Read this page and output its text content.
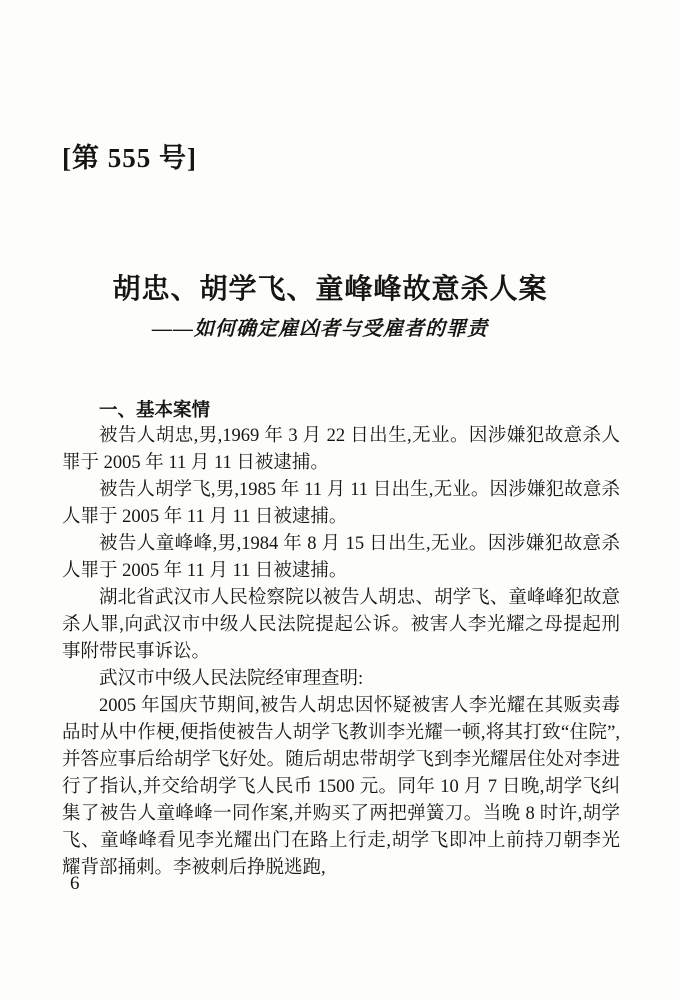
[第 555 号]
胡忠、胡学飞、童峰峰故意杀人案
——如何确定雇凶者与受雇者的罪责
一、基本案情

被告人胡忠,男,1969 年 3 月 22 日出生,无业。因涉嫌犯故意杀人罪于 2005 年 11 月 11 日被逮捕。

被告人胡学飞,男,1985 年 11 月 11 日出生,无业。因涉嫌犯故意杀人罪于 2005 年 11 月 11 日被逮捕。

被告人童峰峰,男,1984 年 8 月 15 日出生,无业。因涉嫌犯故意杀人罪于 2005 年 11 月 11 日被逮捕。

湖北省武汉市人民检察院以被告人胡忠、胡学飞、童峰峰犯故意杀人罪,向武汉市中级人民法院提起公诉。被害人李光耀之母提起刑事附带民事诉讼。

武汉市中级人民法院经审理查明:

2005 年国庆节期间,被告人胡忠因怀疑被害人李光耀在其贩卖毒品时从中作梗,便指使被告人胡学飞教训李光耀一顿,将其打致“住院”,并答应事后给胡学飞好处。随后胡忠带胡学飞到李光耀居住处对李进行了指认,并交给胡学飞人民币 1500 元。同年 10 月 7 日晚,胡学飞纠集了被告人童峰峰一同作案,并购买了两把弹簧刀。当晚 8 时许,胡学飞、童峰峰看见李光耀出门在路上行走,胡学飞即冲上前持刀朝李光耀背部捅刺。李被刺后挣脱逃跑,

6
